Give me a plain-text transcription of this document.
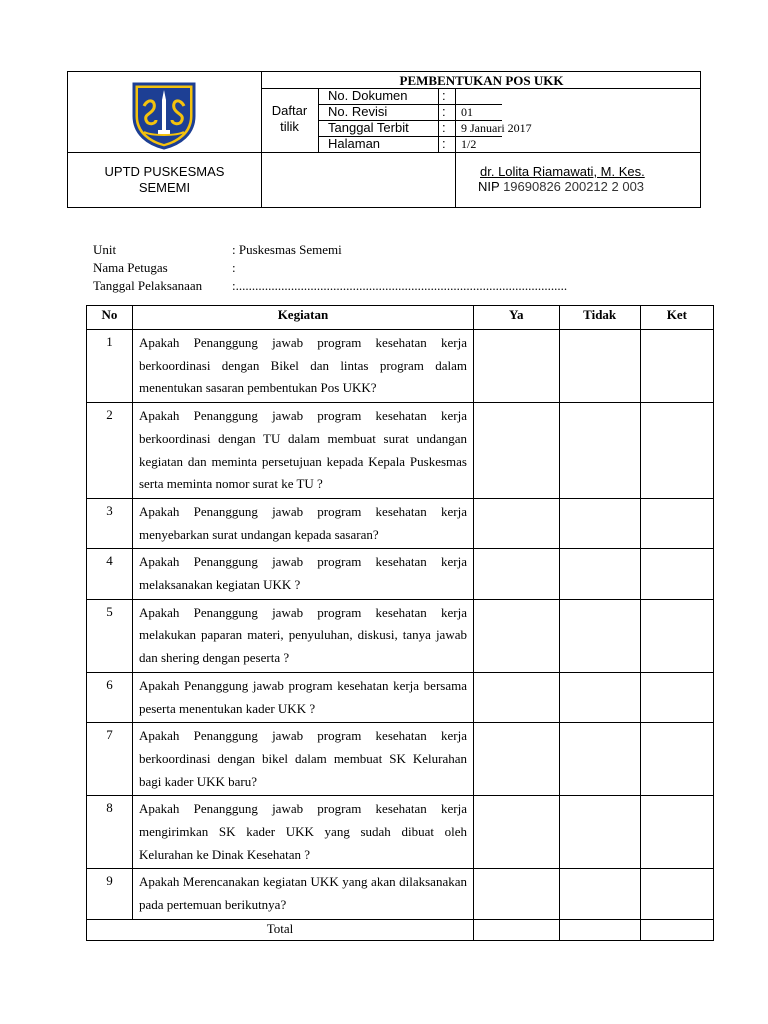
PEMBENTUKAN POS UKK
Daftar
tilik
No. Dokumen	:
No. Revisi	: 01
Tanggal Terbit	: 9 Januari 2017
Halaman	: 1/2
UPTD PUSKESMAS
SEMEMI
dr. Lolita Riamawati, M. Kes.
NIP 19690826 200212 2 003
Unit	: Puskesmas Sememi
Nama Petugas	:
Tanggal Pelaksanaan :......................................................................................................
No	Kegiatan	Ya	Tidak	Ket
1	Apakah Penanggung jawab program kesehatan kerja berkoordinasi dengan Bikel dan lintas program dalam menentukan sasaran pembentukan Pos UKK?			
2	Apakah Penanggung jawab program kesehatan kerja berkoordinasi dengan TU dalam membuat surat undangan kegiatan dan meminta persetujuan kepada Kepala Puskesmas serta meminta nomor surat ke TU ?			
3	Apakah Penanggung jawab program kesehatan kerja menyebarkan surat undangan kepada sasaran?			
4	Apakah Penanggung jawab program kesehatan kerja melaksanakan kegiatan UKK ?			
5	Apakah Penanggung jawab program kesehatan kerja melakukan paparan materi, penyuluhan, diskusi, tanya jawab dan shering dengan peserta ?			
6	Apakah Penanggung jawab program kesehatan kerja bersama peserta menentukan kader UKK ?			
7	Apakah Penanggung jawab program kesehatan kerja berkoordinasi dengan bikel dalam membuat SK Kelurahan bagi kader UKK baru?			
8	Apakah Penanggung jawab program kesehatan kerja mengirimkan SK kader UKK yang sudah dibuat oleh Kelurahan ke Dinak Kesehatan ?			
9	Apakah Merencanakan kegiatan UKK yang akan dilaksanakan pada pertemuan berikutnya?			
Total				
